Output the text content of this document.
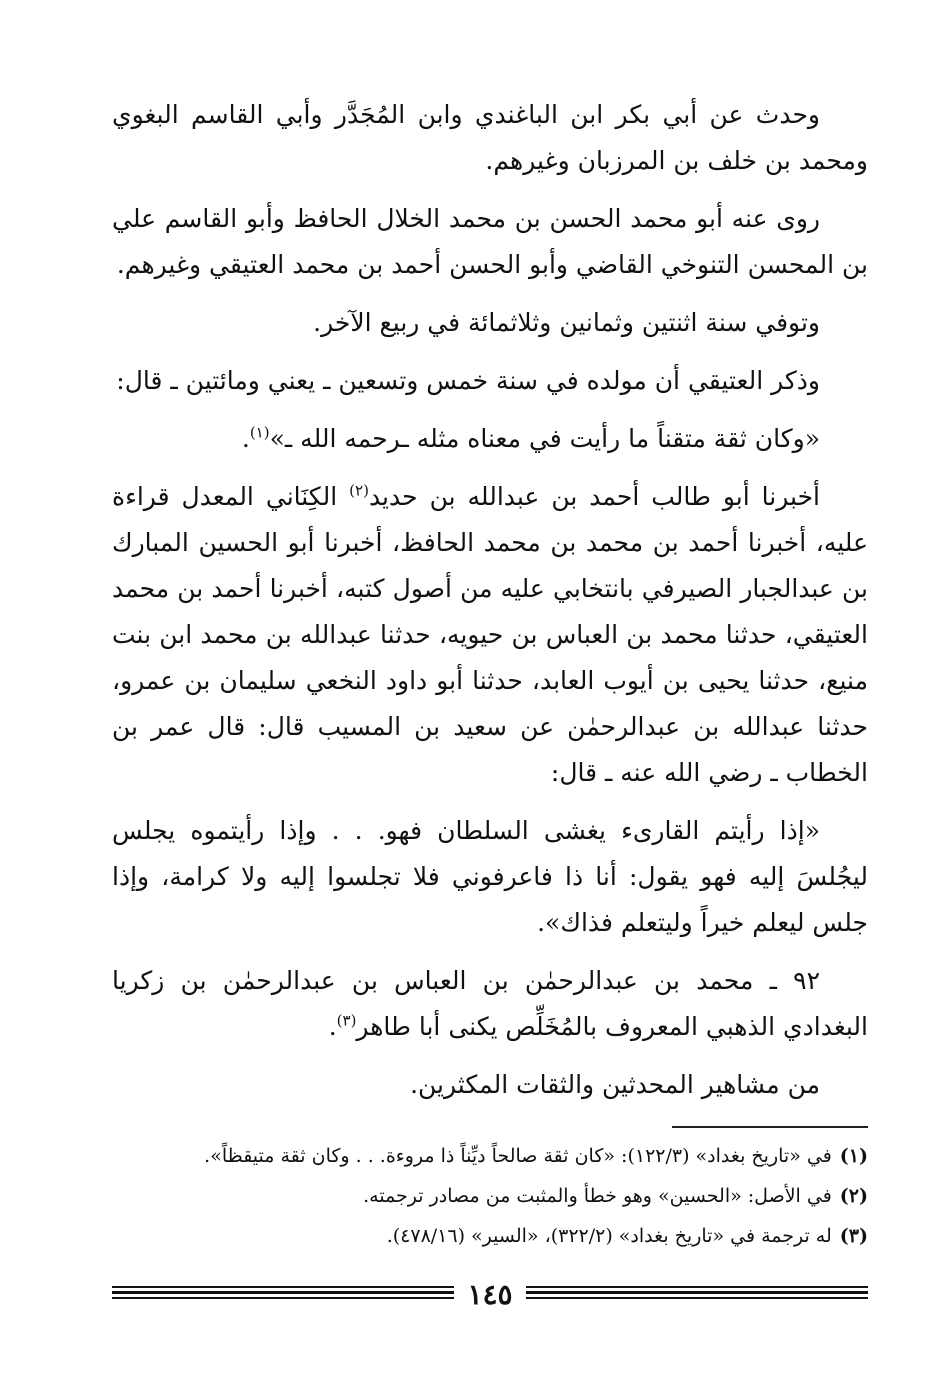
وحدث عن أبي بكر ابن الباغندي وابن المُجَدَّر وأبي القاسم البغوي ومحمد بن خلف بن المرزبان وغيرهم.

روى عنه أبو محمد الحسن بن محمد الخلال الحافظ وأبو القاسم علي بن المحسن التنوخي القاضي وأبو الحسن أحمد بن محمد العتيقي وغيرهم.

وتوفي سنة اثنتين وثمانين وثلاثمائة في ربيع الآخر.

وذكر العتيقي أن مولده في سنة خمس وتسعين ـ يعني ومائتين ـ قال:

«وكان ثقة متقناً ما رأيت في معناه مثله ـرحمه الله ـ»$^{(١)}$.

أخبرنا أبو طالب أحمد بن عبدالله بن حديد$^{(٢)}$ الكِنَاني المعدل قراءة عليه، أخبرنا أحمد بن محمد بن محمد الحافظ، أخبرنا أبو الحسين المبارك بن عبدالجبار الصيرفي بانتخابي عليه من أصول كتبه، أخبرنا أحمد بن محمد العتيقي، حدثنا محمد بن العباس بن حيويه، حدثنا عبدالله بن محمد ابن بنت منيع، حدثنا يحيى بن أيوب العابد، حدثنا أبو داود النخعي سليمان بن عمرو، حدثنا عبدالله بن عبدالرحمٰن عن سعيد بن المسيب قال: قال عمر بن الخطاب ـ رضي الله عنه ـ قال:

«إذا رأيتم القارىء يغشى السلطان فهو. . . وإذا رأيتموه يجلس ليجُلسَ إليه فهو يقول: أنا ذا فاعرفوني فلا تجلسوا إليه ولا كرامة، وإذا جلس ليعلم خيراً وليتعلم فذاك».

٩٢ ـ محمد بن عبدالرحمٰن بن العباس بن عبدالرحمٰن بن زكريا البغدادي الذهبي المعروف بالمُخَلِّص يكنى أبا طاهر$^{(٣)}$.

من مشاهير المحدثين والثقات المكثرين.

(١)في «تاريخ بغداد» (١٢٢/٣): «كان ثقة صالحاً ديِّناً ذا مروءة. . . وكان ثقة متيقظاً».

(٢)في الأصل: «الحسين» وهو خطأ والمثبت من مصادر ترجمته.

(٣)له ترجمة في «تاريخ بغداد» (٣٢٢/٢)، «السير» (٤٧٨/١٦).

١٤٥
